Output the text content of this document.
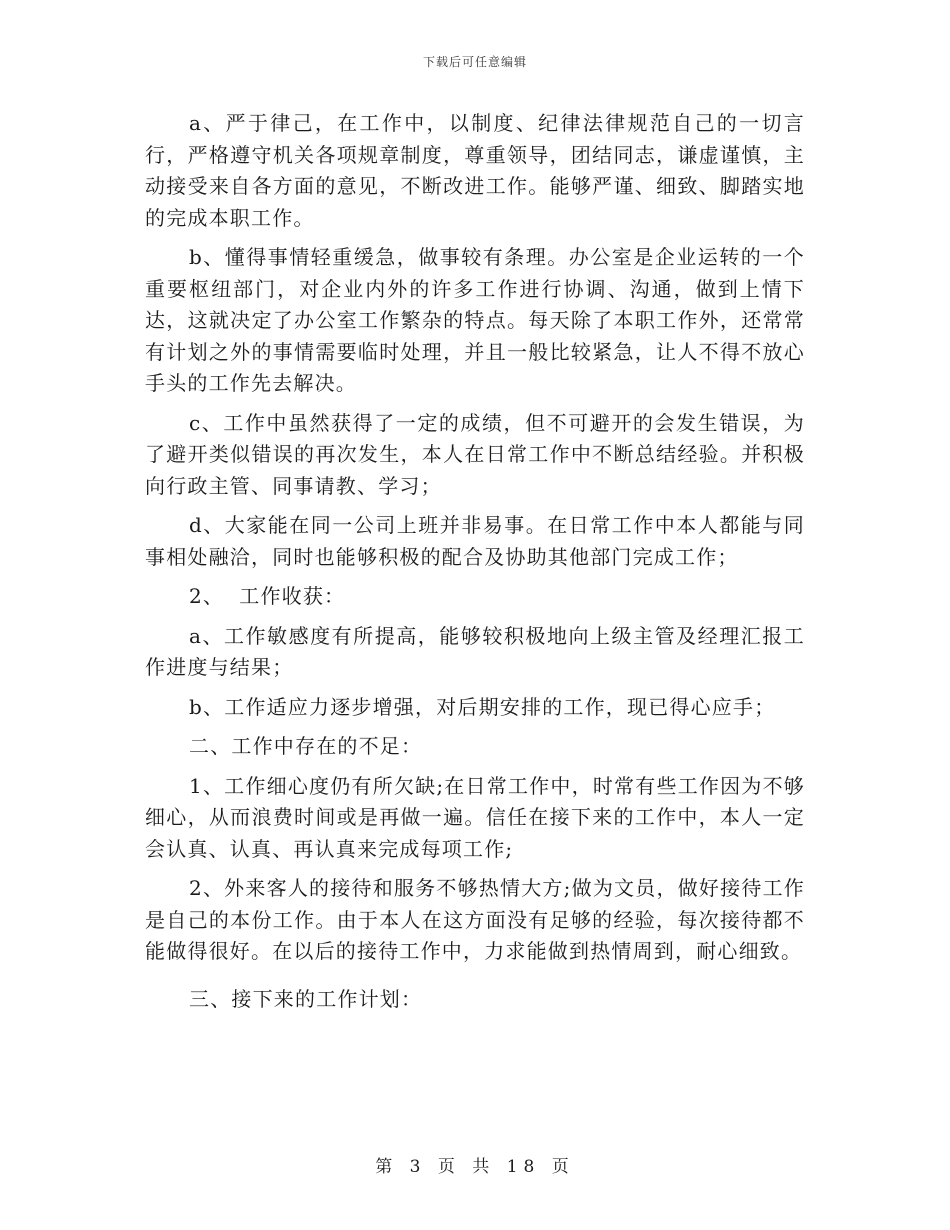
下载后可任意编辑

a、严于律己，在工作中，以制度、纪律法律规范自己的一切言行，严格遵守机关各项规章制度，尊重领导，团结同志，谦虚谨慎，主动接受来自各方面的意见，不断改进工作。能够严谨、细致、脚踏实地的完成本职工作。

b、懂得事情轻重缓急，做事较有条理。办公室是企业运转的一个重要枢纽部门，对企业内外的许多工作进行协调、沟通，做到上情下达，这就决定了办公室工作繁杂的特点。每天除了本职工作外，还常常有计划之外的事情需要临时处理，并且一般比较紧急，让人不得不放心手头的工作先去解决。

c、工作中虽然获得了一定的成绩，但不可避开的会发生错误，为了避开类似错误的再次发生，本人在日常工作中不断总结经验。并积极向行政主管、同事请教、学习；

d、大家能在同一公司上班并非易事。在日常工作中本人都能与同事相处融洽，同时也能够积极的配合及协助其他部门完成工作；

2、  工作收获：

a、工作敏感度有所提高，能够较积极地向上级主管及经理汇报工作进度与结果；

b、工作适应力逐步增强，对后期安排的工作，现已得心应手；

二、工作中存在的不足：

1、工作细心度仍有所欠缺;在日常工作中，时常有些工作因为不够细心，从而浪费时间或是再做一遍。信任在接下来的工作中，本人一定会认真、认真、再认真来完成每项工作;

2、外来客人的接待和服务不够热情大方;做为文员，做好接待工作是自己的本份工作。由于本人在这方面没有足够的经验，每次接待都不能做得很好。在以后的接待工作中，力求能做到热情周到，耐心细致。

三、接下来的工作计划：

第 3 页 共 18 页
